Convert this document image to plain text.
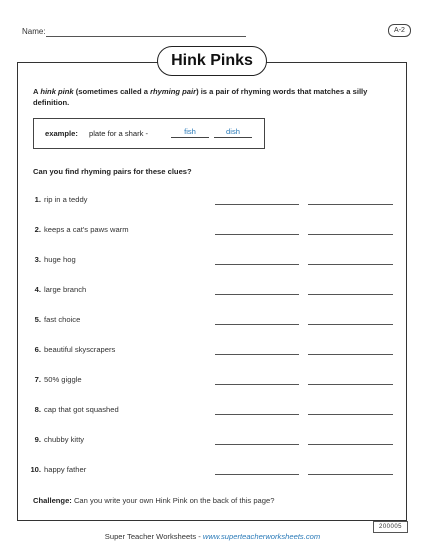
Name:	A-2
Hink Pinks
A hink pink (sometimes called a rhyming pair) is a pair of rhyming words that matches a silly definition.
example: plate for a shark -	fish	dish
Can you find rhyming pairs for these clues?
1. rip in a teddy
2. keeps a cat's paws warm
3. huge hog
4. large branch
5. fast choice
6. beautiful skyscrapers
7. 50% giggle
8. cap that got squashed
9. chubby kitty
10. happy father
Challenge: Can you write your own Hink Pink on the back of this page?
200005
Super Teacher Worksheets - www.superteacherworksheets.com
